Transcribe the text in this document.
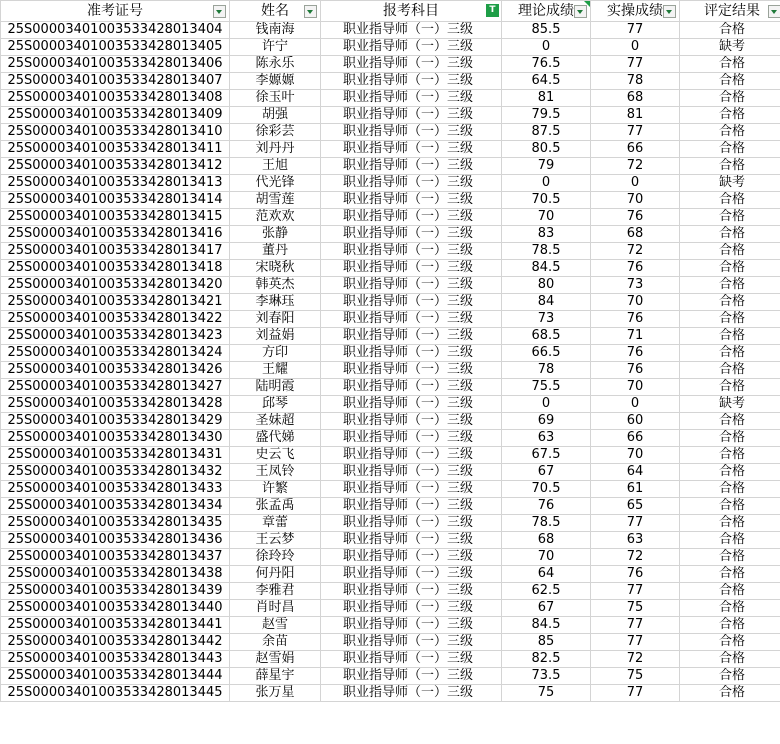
准考证号	姓名	报考科目 T	理论成绩	实操成绩	评定结果

25S00003401003533428013404	钱南海	职业指导师（一）三级	85.5	77	合格
25S00003401003533428013405	许宁	职业指导师（一）三级	0	0	缺考
25S00003401003533428013406	陈永乐	职业指导师（一）三级	76.5	77	合格
25S00003401003533428013407	李嫄嫄	职业指导师（一）三级	64.5	78	合格
25S00003401003533428013408	徐玉叶	职业指导师（一）三级	81	68	合格
25S00003401003533428013409	胡强	职业指导师（一）三级	79.5	81	合格
25S00003401003533428013410	徐彩芸	职业指导师（一）三级	87.5	77	合格
25S00003401003533428013411	刘丹丹	职业指导师（一）三级	80.5	66	合格
25S00003401003533428013412	王旭	职业指导师（一）三级	79	72	合格
25S00003401003533428013413	代光锋	职业指导师（一）三级	0	0	缺考
25S00003401003533428013414	胡雪莲	职业指导师（一）三级	70.5	70	合格
25S00003401003533428013415	范欢欢	职业指导师（一）三级	70	76	合格
25S00003401003533428013416	张静	职业指导师（一）三级	83	68	合格
25S00003401003533428013417	董丹	职业指导师（一）三级	78.5	72	合格
25S00003401003533428013418	宋晓秋	职业指导师（一）三级	84.5	76	合格
25S00003401003533428013420	韩英杰	职业指导师（一）三级	80	73	合格
25S00003401003533428013421	李琳珏	职业指导师（一）三级	84	70	合格
25S00003401003533428013422	刘春阳	职业指导师（一）三级	73	76	合格
25S00003401003533428013423	刘益娟	职业指导师（一）三级	68.5	71	合格
25S00003401003533428013424	方印	职业指导师（一）三级	66.5	76	合格
25S00003401003533428013426	王耀	职业指导师（一）三级	78	76	合格
25S00003401003533428013427	陆明霞	职业指导师（一）三级	75.5	70	合格
25S00003401003533428013428	邱琴	职业指导师（一）三级	0	0	缺考
25S00003401003533428013429	圣妹超	职业指导师（一）三级	69	60	合格
25S00003401003533428013430	盛代娣	职业指导师（一）三级	63	66	合格
25S00003401003533428013431	史云飞	职业指导师（一）三级	67.5	70	合格
25S00003401003533428013432	王凤铃	职业指导师（一）三级	67	64	合格
25S00003401003533428013433	许繁	职业指导师（一）三级	70.5	61	合格
25S00003401003533428013434	张孟禹	职业指导师（一）三级	76	65	合格
25S00003401003533428013435	章蕾	职业指导师（一）三级	78.5	77	合格
25S00003401003533428013436	王云梦	职业指导师（一）三级	68	63	合格
25S00003401003533428013437	徐玲玲	职业指导师（一）三级	70	72	合格
25S00003401003533428013438	何丹阳	职业指导师（一）三级	64	76	合格
25S00003401003533428013439	李雅君	职业指导师（一）三级	62.5	77	合格
25S00003401003533428013440	肖时昌	职业指导师（一）三级	67	75	合格
25S00003401003533428013441	赵雪	职业指导师（一）三级	84.5	77	合格
25S00003401003533428013442	余苗	职业指导师（一）三级	85	77	合格
25S00003401003533428013443	赵雪娟	职业指导师（一）三级	82.5	72	合格
25S00003401003533428013444	薛星宇	职业指导师（一）三级	73.5	75	合格
25S00003401003533428013445	张万星	职业指导师（一）三级	75	77	合格
